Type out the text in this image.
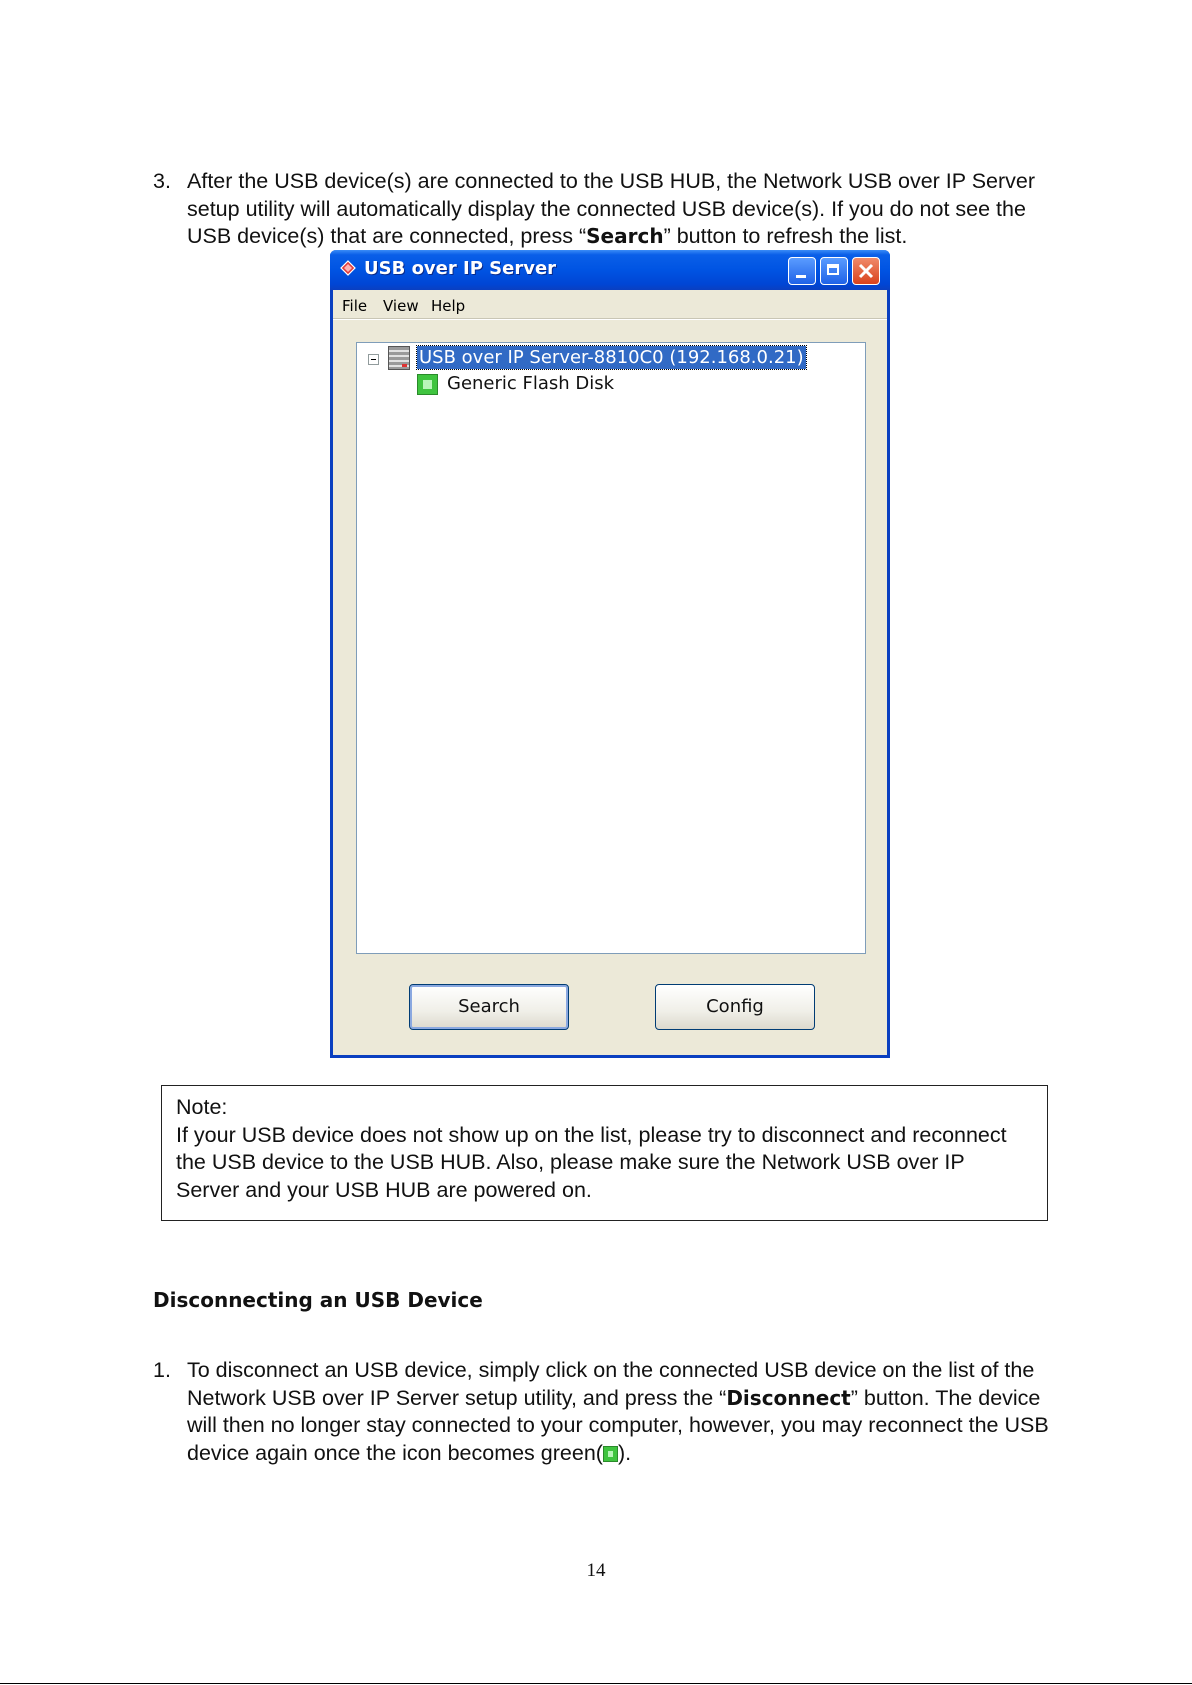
3. After the USB device(s) are connected to the USB HUB, the Network USB over IP Server setup utility will automatically display the connected USB device(s). If you do not see the USB device(s) that are connected, press “Search” button to refresh the list.
USB over IP Server
File View Help
USB over IP Server-8810C0 (192.168.0.21)
Generic Flash Disk
Search	Config
Note:
If your USB device does not show up on the list, please try to disconnect and reconnect the USB device to the USB HUB. Also, please make sure the Network USB over IP Server and your USB HUB are powered on.
Disconnecting an USB Device
1. To disconnect an USB device, simply click on the connected USB device on the list of the Network USB over IP Server setup utility, and press the “Disconnect” button. The device will then no longer stay connected to your computer, however, you may reconnect the USB device again once the icon becomes green( ).
14
